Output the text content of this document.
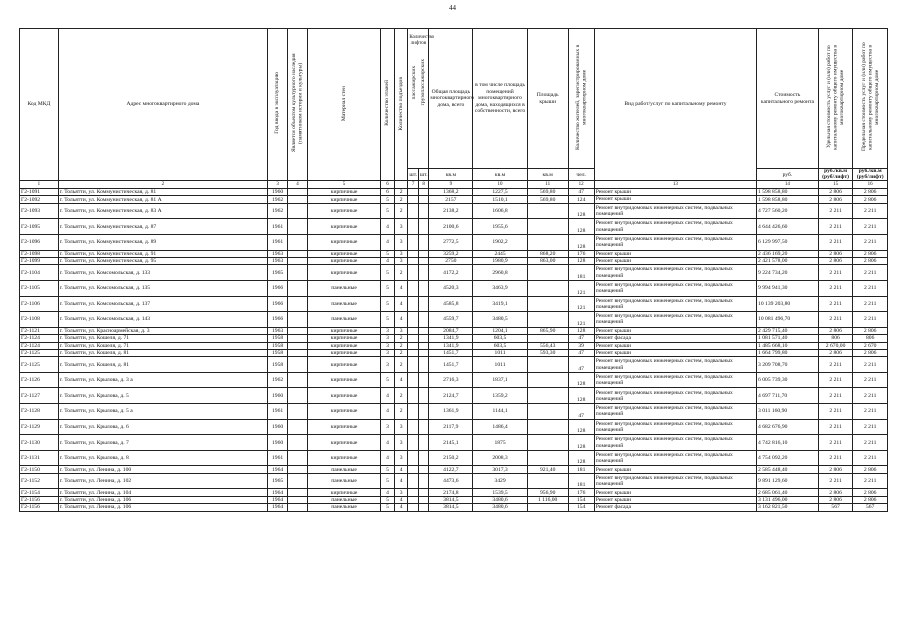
44
Код МКД	Адрес многоквартирного дома	Год ввода в эксплуатацию	Является объектом культурного наследия (памятником истории и культуры)	Материал стен	Количество этажей	Количество подъездов	Количество лифтов
пассажирских грузопассажирских		Общая площадь многоквартирного дома, всего	в том числе площадь помещений многоквартирного дома, находящихся в собственности, всего	Площадь крыши	Количество жителей, зарегистрированных в многоквартирном доме	Вид работ/услуг по капитальному ремонту	Стоимость капитального ремонта	Удельная стоимость услуг и (или) работ по капитальному ремонту общего имущества в многоквартирном доме	Предельная стоимость услуг и (или) работ по капитальному ремонту общего имущества в многоквартирном доме
							шт.	шт.	кв.м	кв.м	кв.м	чел.		руб.	руб./кв.м (руб/лифт)	руб./кв.м (руб/лифт)
1	2	3	4	5	6		7	8	9	10	11	12	13	14	15	16
Г2-1091	г. Тольятти, ул. Коммунистическая, д. 81	1960		кирпичные	6	2			1368,2	1227,5	569,80	47	Ремонт крыши	1 598 858,80	2 806	2 806
Г2-1092	г. Тольятти, ул. Коммунистическая, д. 81 А	1962		кирпичные	5	2			2157	1510,1	569,80	124	Ремонт крыши	1 598 858,80	2 806	2 806
Г2-1093	г. Тольятти, ул. Коммунистическая, д. 83 А	1962		кирпичные	5	2			2138,2	1606,8		128	Ремонт внутридомовых инженерных систем, подвальных помещений	4 727 560,20	2 211	2 211
Г2-1095	г. Тольятти, ул. Коммунистическая, д. 87	1961		кирпичные	4	3			2100,6	1955,6		128	Ремонт внутридомовых инженерных систем, подвальных помещений	4 644 426,60	2 211	2 211
Г2-1096	г. Тольятти, ул. Коммунистическая, д. 89	1961		кирпичные	4	3			2772,5	1902,2		128	Ремонт внутридомовых инженерных систем, подвальных помещений	6 129 997,50	2 211	2 211
Г2-1098	г. Тольятти, ул. Коммунистическая, д. 91	1963		кирпичные	5	3			3259,2	2445	868,20	176	Ремонт крыши	2 436 169,20	2 806	2 806
Г2-1099	г. Тольятти, ул. Коммунистическая, д. 95	1963		кирпичные	4	3			2750	1980,9	863,00	128	Ремонт крыши	2 421 578,00	2 806	2 806
Г2-1104	г. Тольятти, ул. Комсомольская, д. 133	1965		кирпичные	5	2			4172,2	2960,8		181	Ремонт внутридомовых инженерных систем, подвальных помещений	9 224 734,20	2 211	2 211
Г2-1105	г. Тольятти, ул. Комсомольская, д. 135	1966		панельные	5	4			4520,3	3463,9		121	Ремонт внутридомовых инженерных систем, подвальных помещений	9 994 941,30	2 211	2 211
Г2-1106	г. Тольятти, ул. Комсомольская, д. 137	1966		панельные	5	4			4585,8	3419,1		121	Ремонт внутридомовых инженерных систем, подвальных помещений	10 139 203,80	2 211	2 211
Г2-1108	г. Тольятти, ул. Комсомольская, д. 143	1966		панельные	5	4			4559,7	3480,5		121	Ремонт внутридомовых инженерных систем, подвальных помещений	10 081 496,70	2 211	2 211
Г2-1121	г. Тольятти, ул. Красноармейская, д. 3	1963		кирпичные	3	3			2084,7	1204,1	865,90	128	Ремонт крыши	2 429 715,40	2 806	2 806
Г2-1124	г. Тольятти, ул. Кошеля, д. 71	1958		кирпичные	3	2			1341,9	603,5		47	Ремонт фасада	1 081 571,40	806	806
Г2-1124	г. Тольятти, ул. Кошеля, д. 71	1958		кирпичные	3	2			1341,9	603,5	556,43	39	Ремонт крыши	1 485 668,10	2 670,00	2 670
Г2-1125	г. Тольятти, ул. Кошеля, д. 81	1958		кирпичные	3	2			1451,7	1011	593,30	47	Ремонт крыши	1 664 799,80	2 806	2 806
Г2-1125	г. Тольятти, ул. Кошеля, д. 81	1958		кирпичные	3	2			1451,7	1011		47	Ремонт внутридомовых инженерных систем, подвальных помещений	3 209 708,70	2 211	2 211
Г2-1126	г. Тольятти, ул. Крылова, д. 3 а	1962		кирпичные	5	4			2716,3	1837,1		128	Ремонт внутридомовых инженерных систем, подвальных помещений	6 005 739,30	2 211	2 211
Г2-1127	г. Тольятти, ул. Крылова, д. 5	1960		кирпичные	4	2			2124,7	1359,2		128	Ремонт внутридомовых инженерных систем, подвальных помещений	4 697 711,70	2 211	2 211
Г2-1128	г. Тольятти, ул. Крылова, д. 5 а	1961		кирпичные	4	2			1361,9	1144,1		47	Ремонт внутридомовых инженерных систем, подвальных помещений	3 011 160,90	2 211	2 211
Г2-1129	г. Тольятти, ул. Крылова, д. 6	1960		кирпичные	3	3			2117,9	1486,4		128	Ремонт внутридомовых инженерных систем, подвальных помещений	4 682 676,90	2 211	2 211
Г2-1130	г. Тольятти, ул. Крылова, д. 7	1960		кирпичные	4	3			2145,1	1875		128	Ремонт внутридомовых инженерных систем, подвальных помещений	4 742 816,10	2 211	2 211
Г2-1131	г. Тольятти, ул. Крылова, д. 8	1961		кирпичные	4	3			2150,2	2008,3		128	Ремонт внутридомовых инженерных систем, подвальных помещений	4 754 092,20	2 211	2 211
Г2-1150	г. Тольятти, ул. Ленина, д. 100	1964		панельные	5	4			4122,7	3017,3	921,40	181	Ремонт крыши	2 585 448,40	2 806	2 806
Г2-1152	г. Тольятти, ул. Ленина, д. 102	1965		панельные	5	4			4473,6	3429		181	Ремонт внутридомовых инженерных систем, подвальных помещений	9 891 129,60	2 211	2 211
Г2-1154	г. Тольятти, ул. Ленина, д. 104	1964		кирпичные	4	3			2174,8	1539,5	956,90	176	Ремонт крыши	2 685 061,40	2 806	2 806
Г2-1156	г. Тольятти, ул. Ленина, д. 106	1964		панельные	5	4			3814,5	3480,6	1 116,00	154	Ремонт крыши	3 131 496,00	2 806	2 806
Г2-1156	г. Тольятти, ул. Ленина, д. 106	1964		панельные	5	4			3814,5	3480,6		154	Ремонт фасада	3 162 821,50	567	567
